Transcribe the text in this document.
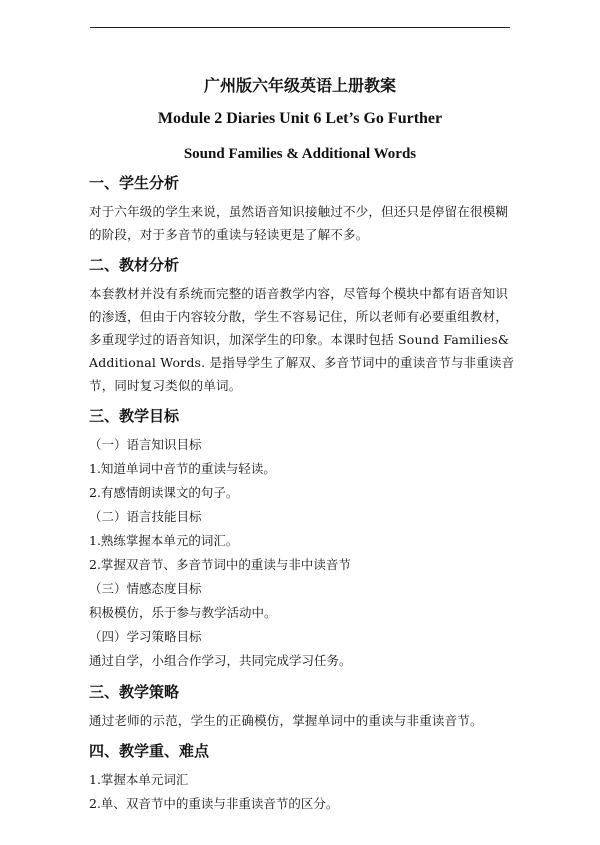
广州版六年级英语上册教案

Module 2 Diaries Unit 6 Let’s Go Further

Sound Families & Additional Words

一、学生分析

对于六年级的学生来说，虽然语音知识接触过不少，但还只是停留在很模糊的阶段，对于多音节的重读与轻读更是了解不多。

二、教材分析

本套教材并没有系统而完整的语音教学内容，尽管每个模块中都有语音知识的渗透，但由于内容较分散，学生不容易记住，所以老师有必要重组教材，多重现学过的语音知识，加深学生的印象。本课时包括 Sound Families& Additional Words. 是指导学生了解双、多音节词中的重读音节与非重读音节，同时复习类似的单词。

三、教学目标

（一）语言知识目标

1.知道单词中音节的重读与轻读。

2.有感情朗读课文的句子。

（二）语言技能目标

1.熟练掌握本单元的词汇。

2.掌握双音节、多音节词中的重读与非中读音节

（三）情感态度目标

积极模仿，乐于参与教学活动中。

（四）学习策略目标

通过自学，小组合作学习，共同完成学习任务。

三、教学策略

通过老师的示范，学生的正确模仿，掌握单词中的重读与非重读音节。

四、教学重、难点

1.掌握本单元词汇

2.单、双音节中的重读与非重读音节的区分。
